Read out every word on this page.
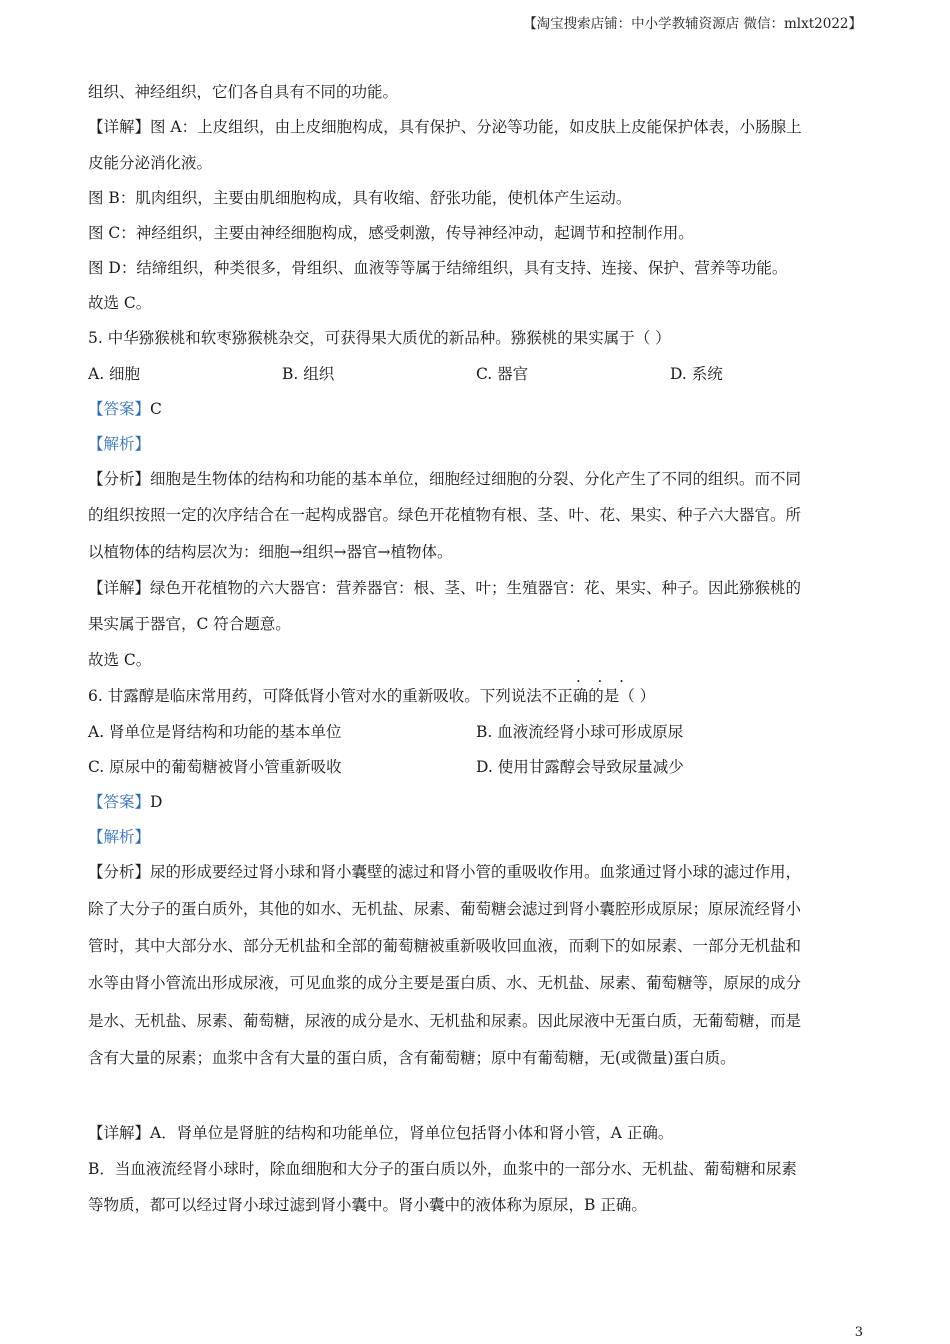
【淘宝搜索店铺：中小学教辅资源店 微信：mlxt2022】
组织、神经组织，它们各自具有不同的功能。
【详解】图 A：上皮组织，由上皮细胞构成，具有保护、分泌等功能，如皮肤上皮能保护体表，小肠腺上
皮能分泌消化液。
图 B：肌肉组织，主要由肌细胞构成，具有收缩、舒张功能，使机体产生运动。
图 C：神经组织，主要由神经细胞构成，感受刺激，传导神经冲动，起调节和控制作用。
图 D：结缔组织，种类很多，骨组织、血液等等属于结缔组织，具有支持、连接、保护、营养等功能。
故选 C。
5. 中华猕猴桃和软枣猕猴桃杂交，可获得果大质优的新品种。猕猴桃的果实属于（ ）
A. 细胞	B. 组织	C. 器官	D. 系统
【答案】C
【解析】
【分析】细胞是生物体的结构和功能的基本单位，细胞经过细胞的分裂、分化产生了不同的组织。而不同
的组织按照一定的次序结合在一起构成器官。绿色开花植物有根、茎、叶、花、果实、种子六大器官。所
以植物体的结构层次为：细胞→组织→器官→植物体。
【详解】绿色开花植物的六大器官：营养器官：根、茎、叶；生殖器官：花、果实、种子。因此猕猴桃的
果实属于器官，C 符合题意。
故选 C。
· · ·
6. 甘露醇是临床常用药，可降低肾小管对水的重新吸收。下列说法不正确的是（ ）
A. 肾单位是肾结构和功能的基本单位	B. 血液流经肾小球可形成原尿
C. 原尿中的葡萄糖被肾小管重新吸收	D. 使用甘露醇会导致尿量减少
【答案】D
【解析】
【分析】尿的形成要经过肾小球和肾小囊壁的滤过和肾小管的重吸收作用。血浆通过肾小球的滤过作用，
除了大分子的蛋白质外，其他的如水、无机盐、尿素、葡萄糖会滤过到肾小囊腔形成原尿；原尿流经肾小
管时，其中大部分水、部分无机盐和全部的葡萄糖被重新吸收回血液，而剩下的如尿素、一部分无机盐和
水等由肾小管流出形成尿液，可见血浆的成分主要是蛋白质、水、无机盐、尿素、葡萄糖等，原尿的成分
是水、无机盐、尿素、葡萄糖，尿液的成分是水、无机盐和尿素。因此尿液中无蛋白质，无葡萄糖，而是
含有大量的尿素；血浆中含有大量的蛋白质，含有葡萄糖；原中有葡萄糖，无(或微量)蛋白质。
【详解】A．肾单位是肾脏的结构和功能单位，肾单位包括肾小体和肾小管，A 正确。
B．当血液流经肾小球时，除血细胞和大分子的蛋白质以外，血浆中的一部分水、无机盐、葡萄糖和尿素
等物质，都可以经过肾小球过滤到肾小囊中。肾小囊中的液体称为原尿，B 正确。
3
